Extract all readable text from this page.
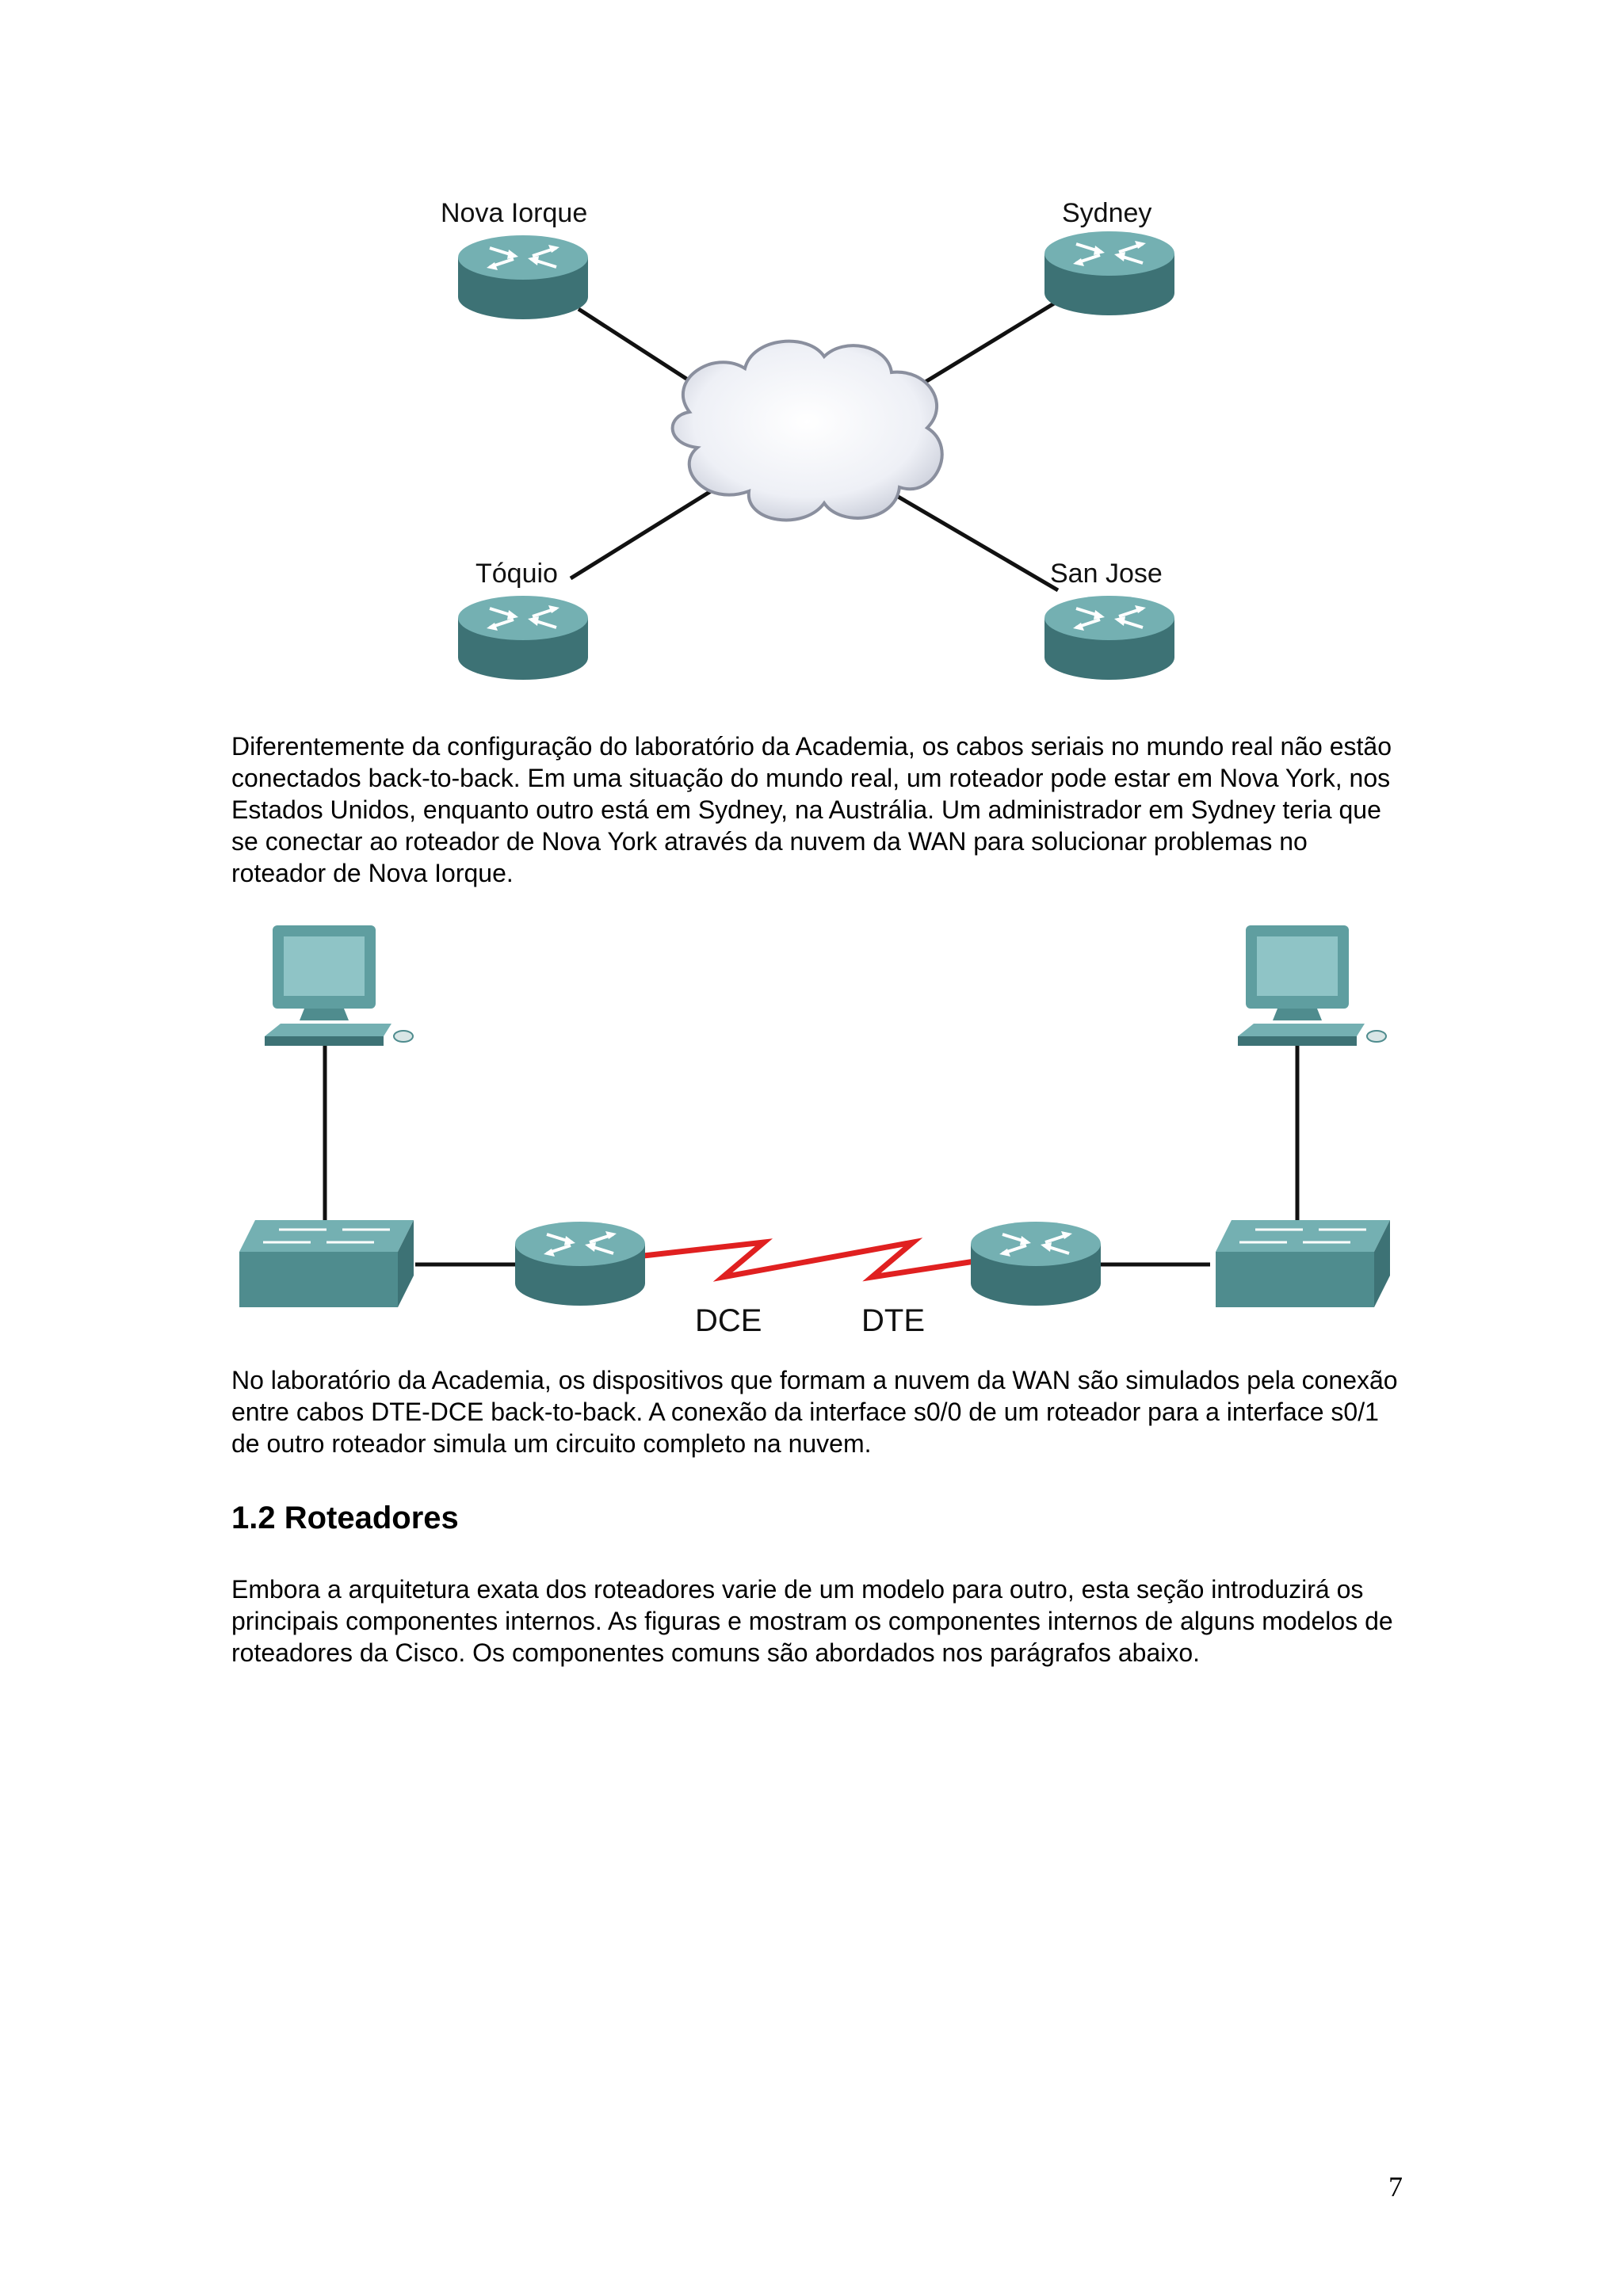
Nova Iorque	Sydney
Tóquio	San Jose

Diferentemente da configuração do laboratório da Academia, os cabos seriais no mundo real não estão conectados back-to-back. Em uma situação do mundo real, um roteador pode estar em Nova York, nos Estados Unidos, enquanto outro está em Sydney, na Austrália. Um administrador em Sydney teria que se conectar ao roteador de Nova York através da nuvem da WAN para solucionar problemas no roteador de Nova Iorque.

DCE	DTE

No laboratório da Academia, os dispositivos que formam a nuvem da WAN são simulados pela conexão entre cabos DTE-DCE back-to-back. A conexão da interface s0/0 de um roteador para a interface s0/1 de outro roteador simula um circuito completo na nuvem.

1.2 Roteadores

Embora a arquitetura exata dos roteadores varie de um modelo para outro, esta seção introduzirá os principais componentes internos. As figuras e mostram os componentes internos de alguns modelos de roteadores da Cisco. Os componentes comuns são abordados nos parágrafos abaixo.

7
